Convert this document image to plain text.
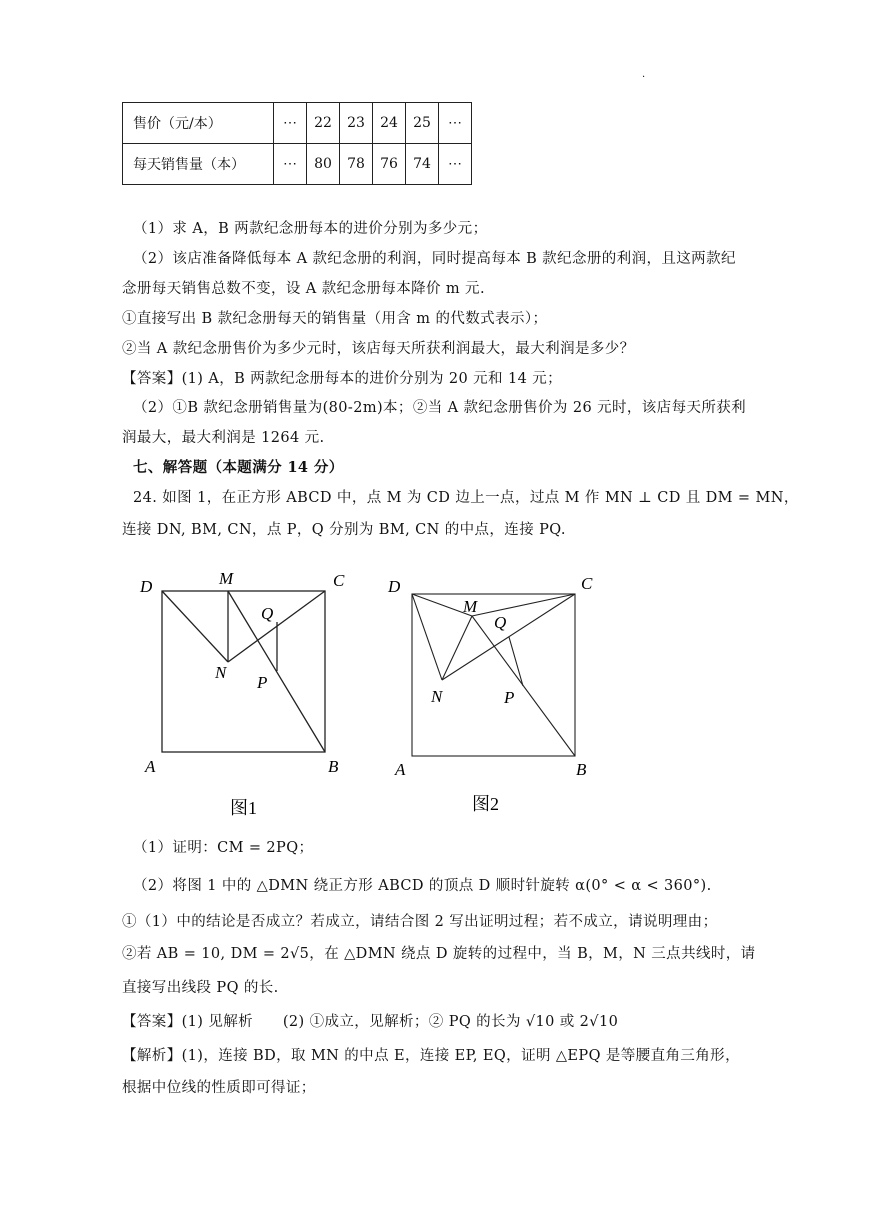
·
售价（元/本）	⋯	22	23	24	25	⋯
每天销售量（本）	⋯	80	78	76	74	⋯
（1）求 A，B 两款纪念册每本的进价分别为多少元；
（2）该店准备降低每本 A 款纪念册的利润，同时提高每本 B 款纪念册的利润，且这两款纪
念册每天销售总数不变，设 A 款纪念册每本降价 m 元.
①直接写出 B 款纪念册每天的销售量（用含 m 的代数式表示）；
②当 A 款纪念册售价为多少元时，该店每天所获利润最大，最大利润是多少？
【答案】(1) A，B 两款纪念册每本的进价分别为 20 元和 14 元；
（2）①B 款纪念册销售量为(80-2m)本；②当 A 款纪念册售价为 26 元时，该店每天所获利
润最大，最大利润是 1264 元.
七、解答题（本题满分 14 分）
24. 如图 1，在正方形 ABCD 中，点 M 为 CD 边上一点，过点 M 作 MN ⊥ CD 且 DM = MN，
连接 DN, BM, CN，点 P，Q 分别为 BM, CN 的中点，连接 PQ.
D	M	C
Q
N
P
A	B
图1
D
M
C
Q
N	P
A	B
图2
（1）证明：CM = 2PQ；
（2）将图 1 中的 △DMN 绕正方形 ABCD 的顶点 D 顺时针旋转 α(0° < α < 360°).
①（1）中的结论是否成立？若成立，请结合图 2 写出证明过程；若不成立，请说明理由；
②若 AB = 10, DM = 2√5，在 △DMN 绕点 D 旋转的过程中，当 B，M，N 三点共线时，请
直接写出线段 PQ 的长.
【答案】(1) 见解析　　(2) ①成立，见解析；② PQ 的长为 √10 或 2√10
【解析】(1)，连接 BD，取 MN 的中点 E，连接 EP, EQ，证明 △EPQ 是等腰直角三角形，
根据中位线的性质即可得证；
